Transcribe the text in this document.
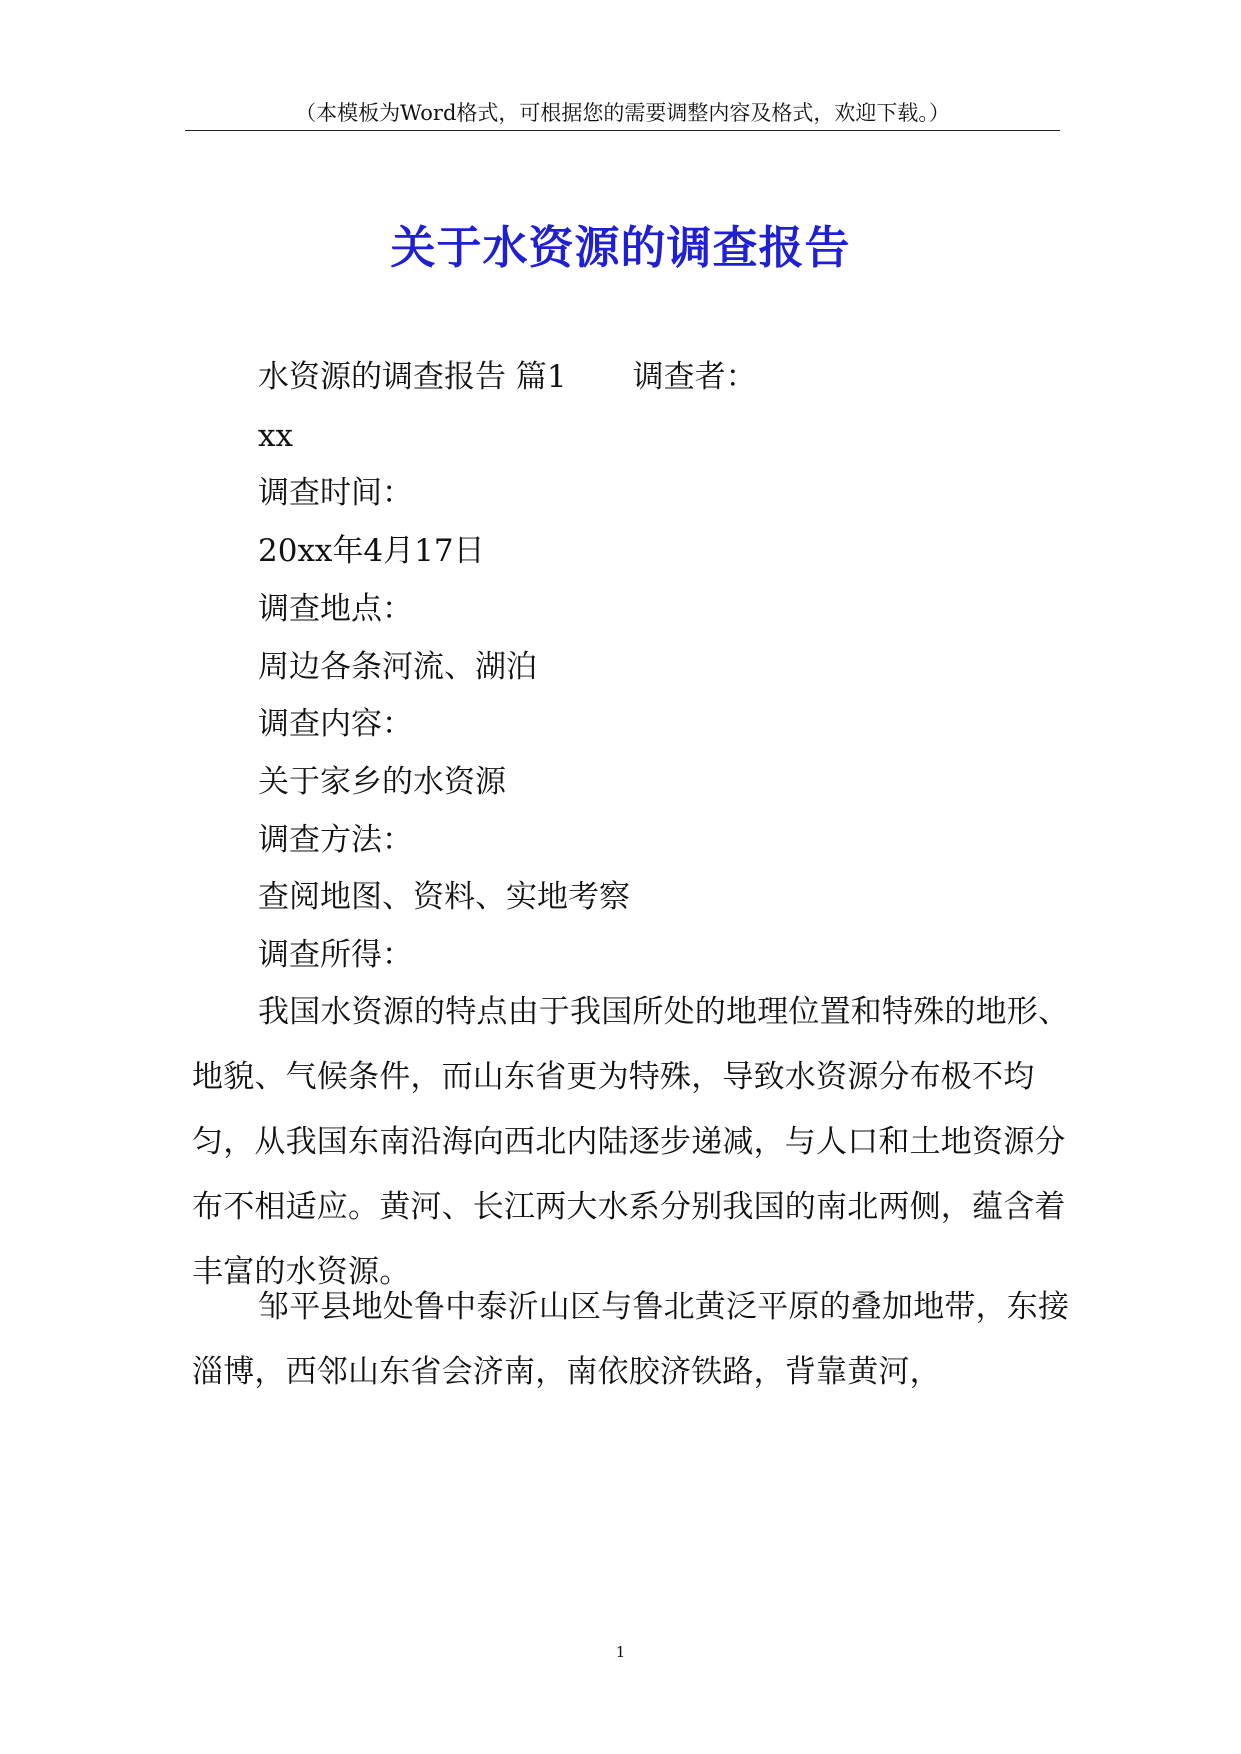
（本模板为Word格式，可根据您的需要调整内容及格式，欢迎下载。）
关于水资源的调查报告
水资源的调查报告 篇1 调查者：
xx
调查时间：
20xx年4月17日
调查地点：
周边各条河流、湖泊
调查内容：
关于家乡的水资源
调查方法：
查阅地图、资料、实地考察
调查所得：

我国水资源的特点由于我国所处的地理位置和特殊的地形、地貌、气候条件，而山东省更为特殊，导致水资源分布极不均匀，从我国东南沿海向西北内陆逐步递减，与人口和土地资源分布不相适应。黄河、长江两大水系分别我国的南北两侧，蕴含着丰富的水资源。

邹平县地处鲁中泰沂山区与鲁北黄泛平原的叠加地带，东接淄博，西邻山东省会济南，南依胶济铁路，背靠黄河，

1
